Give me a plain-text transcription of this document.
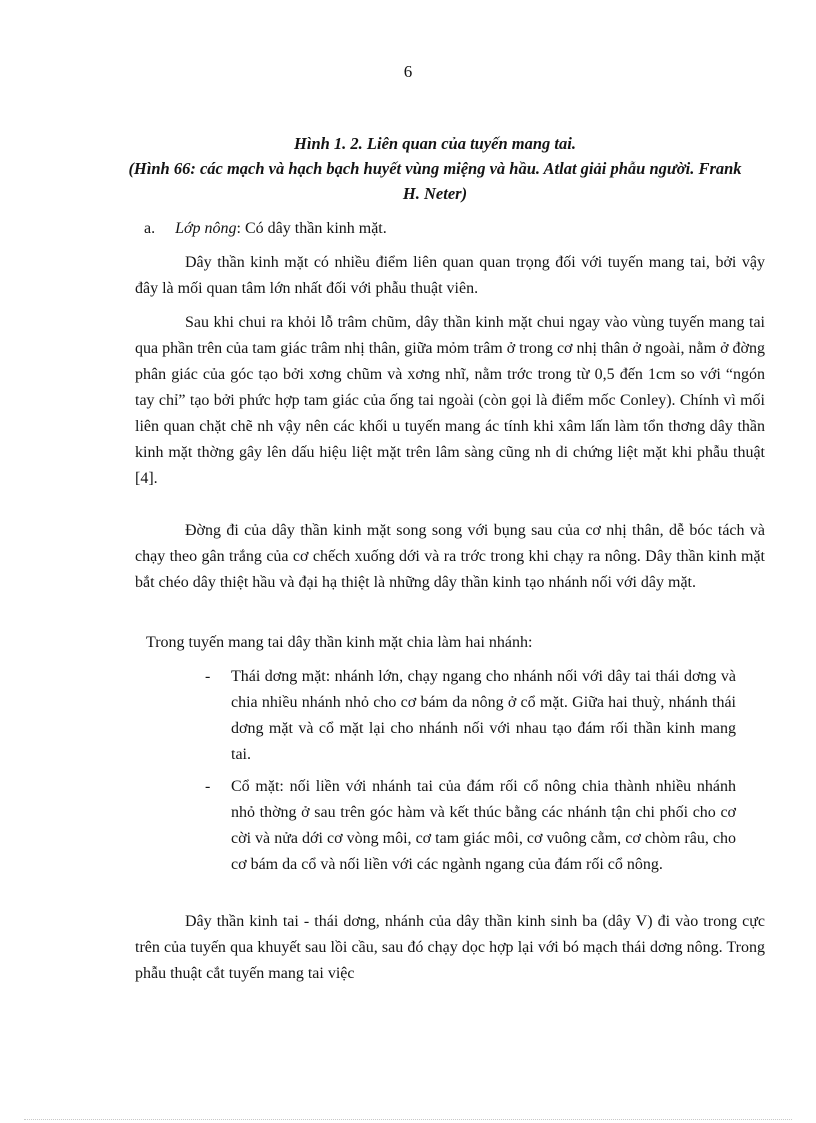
6
Hình 1. 2. Liên quan của tuyến mang tai.
(Hình 66: các mạch và hạch bạch huyết vùng miệng và hầu. Atlat giải phẫu người. Frank H. Neter)
a. Lớp nông: Có dây thần kinh mặt.

Dây thần kinh mặt có nhiều điểm liên quan quan trọng đối với tuyến mang tai, bởi vậy đây là mối quan tâm lớn nhất đối với phẫu thuật viên.

Sau khi chui ra khỏi lỗ trâm chũm, dây thần kinh mặt chui ngay vào vùng tuyến mang tai qua phần trên của tam giác trâm nhị thân, giữa mỏm trâm ở trong cơ nhị thân ở ngoài, nằm ở đờng phân giác của góc tạo bởi xơng chũm và xơng nhĩ, nằm trớc trong từ 0,5 đến 1cm so với “ngón tay chỉ” tạo bởi phức hợp tam giác của ống tai ngoài (còn gọi là điểm mốc Conley). Chính vì mối liên quan chặt chẽ nh vậy nên các khối u tuyến mang ác tính khi xâm lấn làm tổn thơng dây thần kinh mặt thờng gây lên dấu hiệu liệt mặt trên lâm sàng cũng nh di chứng liệt mặt khi phẫu thuật [4].

Đờng đi của dây thần kinh mặt song song với bụng sau của cơ nhị thân, dễ bóc tách và chạy theo gân trắng của cơ chếch xuống dới và ra trớc trong khi chạy ra nông. Dây thần kinh mặt bắt chéo dây thiệt hầu và đại hạ thiệt là những dây thần kinh tạo nhánh nối với dây mặt.

Trong tuyến mang tai dây thần kinh mặt chia làm hai nhánh:

- Thái dơng mặt: nhánh lớn, chạy ngang cho nhánh nối với dây tai thái dơng và chia nhiều nhánh nhỏ cho cơ bám da nông ở cổ mặt. Giữa hai thuỳ, nhánh thái dơng mặt và cổ mặt lại cho nhánh nối với nhau tạo đám rối thần kinh mang tai.

- Cổ mặt: nối liền với nhánh tai của đám rối cổ nông chia thành nhiều nhánh nhỏ thờng ở sau trên góc hàm và kết thúc bằng các nhánh tận chi phối cho cơ cời và nửa dới cơ vòng môi, cơ tam giác môi, cơ vuông cằm, cơ chòm râu, cho cơ bám da cổ và nối liền với các ngành ngang của đám rối cổ nông.

Dây thần kinh tai - thái dơng, nhánh của dây thần kinh sinh ba (dây V) đi vào trong cực trên của tuyến qua khuyết sau lồi cầu, sau đó chạy dọc hợp lại với bó mạch thái dơng nông. Trong phẫu thuật cắt tuyến mang tai việc
